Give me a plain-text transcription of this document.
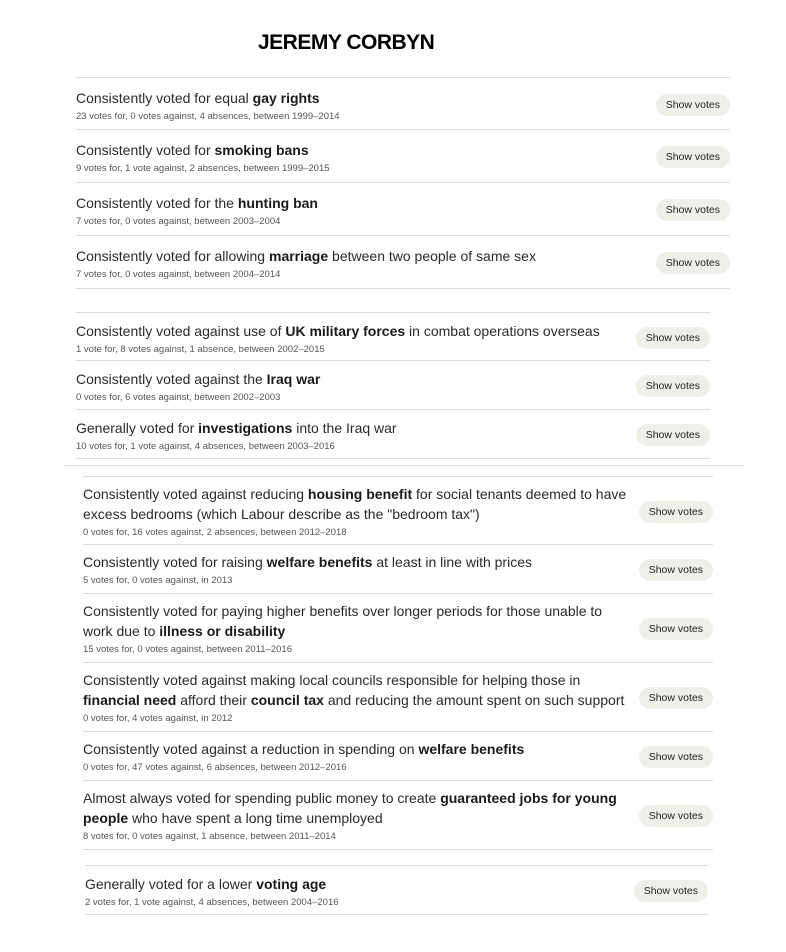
JEREMY CORBYN

Consistently voted for equal gay rights

23 votes for, 0 votes against, 4 absences, between 1999–2014

Show votes

Consistently voted for smoking bans

9 votes for, 1 vote against, 2 absences, between 1999–2015

Show votes

Consistently voted for the hunting ban

7 votes for, 0 votes against, between 2003–2004

Show votes

Consistently voted for allowing marriage between two people of same sex

7 votes for, 0 votes against, between 2004–2014

Show votes

Consistently voted against use of UK military forces in combat operations overseas

1 vote for, 8 votes against, 1 absence, between 2002–2015

Show votes

Consistently voted against the Iraq war

0 votes for, 6 votes against, between 2002–2003

Show votes

Generally voted for investigations into the Iraq war

10 votes for, 1 vote against, 4 absences, between 2003–2016

Show votes

Consistently voted against reducing housing benefit for social tenants deemed to have excess bedrooms (which Labour describe as the "bedroom tax")

0 votes for, 16 votes against, 2 absences, between 2012–2018

Show votes

Consistently voted for raising welfare benefits at least in line with prices

5 votes for, 0 votes against, in 2013

Show votes

Consistently voted for paying higher benefits over longer periods for those unable to work due to illness or disability

15 votes for, 0 votes against, between 2011–2016

Show votes

Consistently voted against making local councils responsible for helping those in financial need afford their council tax and reducing the amount spent on such support

0 votes for, 4 votes against, in 2012

Show votes

Consistently voted against a reduction in spending on welfare benefits

0 votes for, 47 votes against, 6 absences, between 2012–2016

Show votes

Almost always voted for spending public money to create guaranteed jobs for young people who have spent a long time unemployed

8 votes for, 0 votes against, 1 absence, between 2011–2014

Show votes

Generally voted for a lower voting age

2 votes for, 1 vote against, 4 absences, between 2004–2016

Show votes
